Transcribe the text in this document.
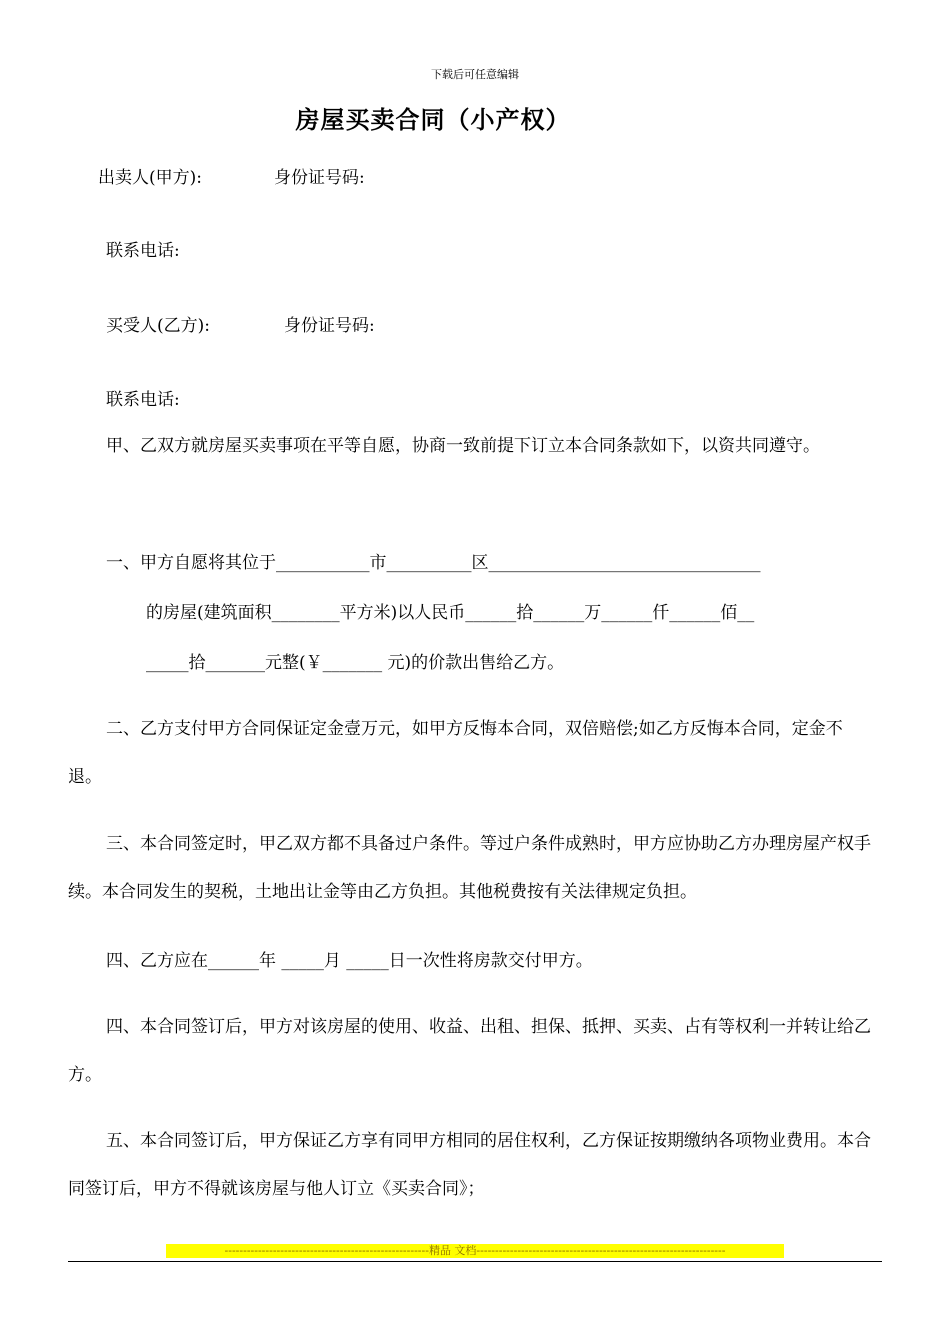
下载后可任意编辑
房屋买卖合同（小产权）
出卖人(甲方):	身份证号码:
联系电话:
买受人(乙方):	身份证号码:
联系电话:
甲、乙双方就房屋买卖事项在平等自愿，协商一致前提下订立本合同条款如下，以资共同遵守。
一、甲方自愿将其位于___________市__________区________________________________
的房屋(建筑面积________平方米)以人民币______拾______万______仟______佰__
_____拾_______元整(￥_______ 元)的价款出售给乙方。
二、乙方支付甲方合同保证定金壹万元，如甲方反悔本合同，双倍赔偿;如乙方反悔本合同，定金不退。
三、本合同签定时，甲乙双方都不具备过户条件。等过户条件成熟时，甲方应协助乙方办理房屋产权手续。本合同发生的契税，土地出让金等由乙方负担。其他税费按有关法律规定负担。
四、乙方应在______年 _____月 _____日一次性将房款交付甲方。
四、本合同签订后，甲方对该房屋的使用、收益、出租、担保、抵押、买卖、占有等权利一并转让给乙方。
五、本合同签订后，甲方保证乙方享有同甲方相同的居住权利，乙方保证按期缴纳各项物业费用。本合同签订后，甲方不得就该房屋与他人订立《买卖合同》；
-------------------------------------------------------精品 文档-------------------------------------------------------------------
